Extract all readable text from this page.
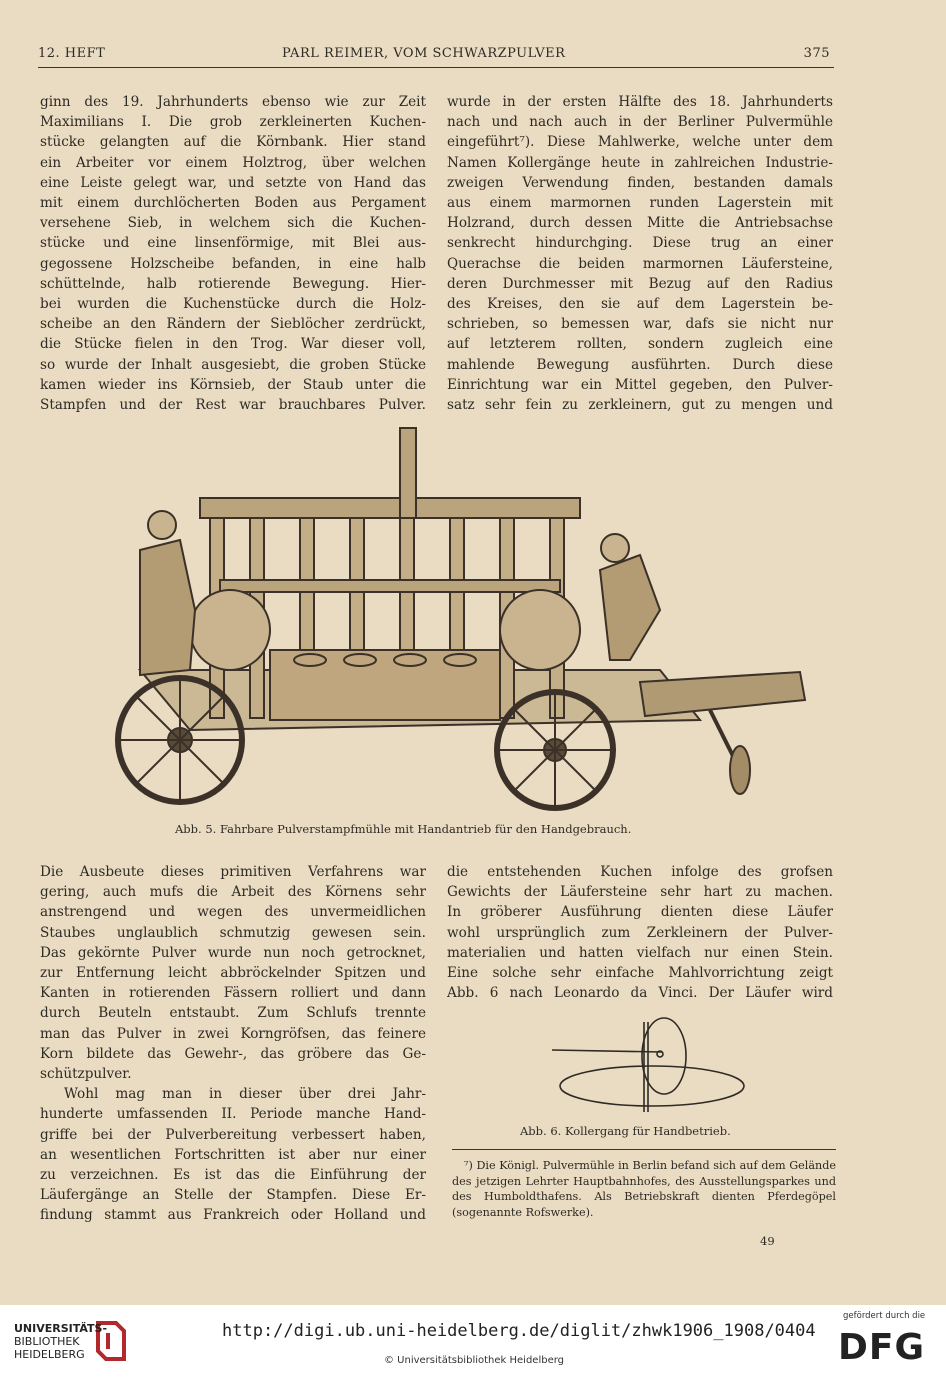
12. HEFT	PARL REIMER, VOM SCHWARZPULVER	375
ginn des 19. Jahrhunderts ebenso wie zur Zeit
Maximilians I. Die grob zerkleinerten Kuchen-
stücke gelangten auf die Körnbank. Hier stand
ein Arbeiter vor einem Holztrog, über welchen
eine Leiste gelegt war, und setzte von Hand das
mit einem durchlöcherten Boden aus Pergament
versehene Sieb, in welchem sich die Kuchen-
stücke und eine linsenförmige, mit Blei aus-
gegossene Holzscheibe befanden, in eine halb
schüttelnde, halb rotierende Bewegung. Hier-
bei wurden die Kuchenstücke durch die Holz-
scheibe an den Rändern der Sieblöcher zerdrückt,
die Stücke fielen in den Trog. War dieser voll,
so wurde der Inhalt ausgesiebt, die groben Stücke
kamen wieder ins Körnsieb, der Staub unter die
Stampfen und der Rest war brauchbares Pulver.
wurde in der ersten Hälfte des 18. Jahrhunderts
nach und nach auch in der Berliner Pulvermühle
eingeführt⁷). Diese Mahlwerke, welche unter dem
Namen Kollergänge heute in zahlreichen Industrie-
zweigen Verwendung finden, bestanden damals
aus einem marmornen runden Lagerstein mit
Holzrand, durch dessen Mitte die Antriebsachse
senkrecht hindurchging. Diese trug an einer
Querachse die beiden marmornen Läufersteine,
deren Durchmesser mit Bezug auf den Radius
des Kreises, den sie auf dem Lagerstein be-
schrieben, so bemessen war, dafs sie nicht nur
auf letzterem rollten, sondern zugleich eine
mahlende Bewegung ausführten. Durch diese
Einrichtung war ein Mittel gegeben, den Pulver-
satz sehr fein zu zerkleinern, gut zu mengen und
Abb. 5. Fahrbare Pulverstampfmühle mit Handantrieb für den Handgebrauch.
Die Ausbeute dieses primitiven Verfahrens war
gering, auch mufs die Arbeit des Körnens sehr
anstrengend und wegen des unvermeidlichen
Staubes unglaublich schmutzig gewesen sein.
Das gekörnte Pulver wurde nun noch getrocknet,
zur Entfernung leicht abbröckelnder Spitzen und
Kanten in rotierenden Fässern rolliert und dann
durch Beuteln entstaubt. Zum Schlufs trennte
man das Pulver in zwei Korngröfsen, das feinere
Korn bildete das Gewehr-, das gröbere das Ge-
schützpulver.
Wohl mag man in dieser über drei Jahr-
hunderte umfassenden II. Periode manche Hand-
griffe bei der Pulverbereitung verbessert haben,
an wesentlichen Fortschritten ist aber nur einer
zu verzeichnen. Es ist das die Einführung der
Läufergänge an Stelle der Stampfen. Diese Er-
findung stammt aus Frankreich oder Holland und
die entstehenden Kuchen infolge des grofsen
Gewichts der Läufersteine sehr hart zu machen.
In gröberer Ausführung dienten diese Läufer
wohl ursprünglich zum Zerkleinern der Pulver-
materialien und hatten vielfach nur einen Stein.
Eine solche sehr einfache Mahlvorrichtung zeigt
Abb. 6 nach Leonardo da Vinci. Der Läufer wird
Abb. 6. Kollergang für Handbetrieb.
⁷) Die Königl. Pulvermühle in Berlin befand sich auf dem Gelände des jetzigen Lehrter Hauptbahnhofes, des Ausstellungsparkes und des Humboldthafens. Als Betriebskraft dienten Pferdegöpel (sogenannte Rofswerke).
49
UNIVERSITÄTS-
BIBLIOTHEK
HEIDELBERG
http://digi.ub.uni-heidelberg.de/diglit/zhwk1906_1908/0404
© Universitätsbibliothek Heidelberg
gefördert durch die
DFG
